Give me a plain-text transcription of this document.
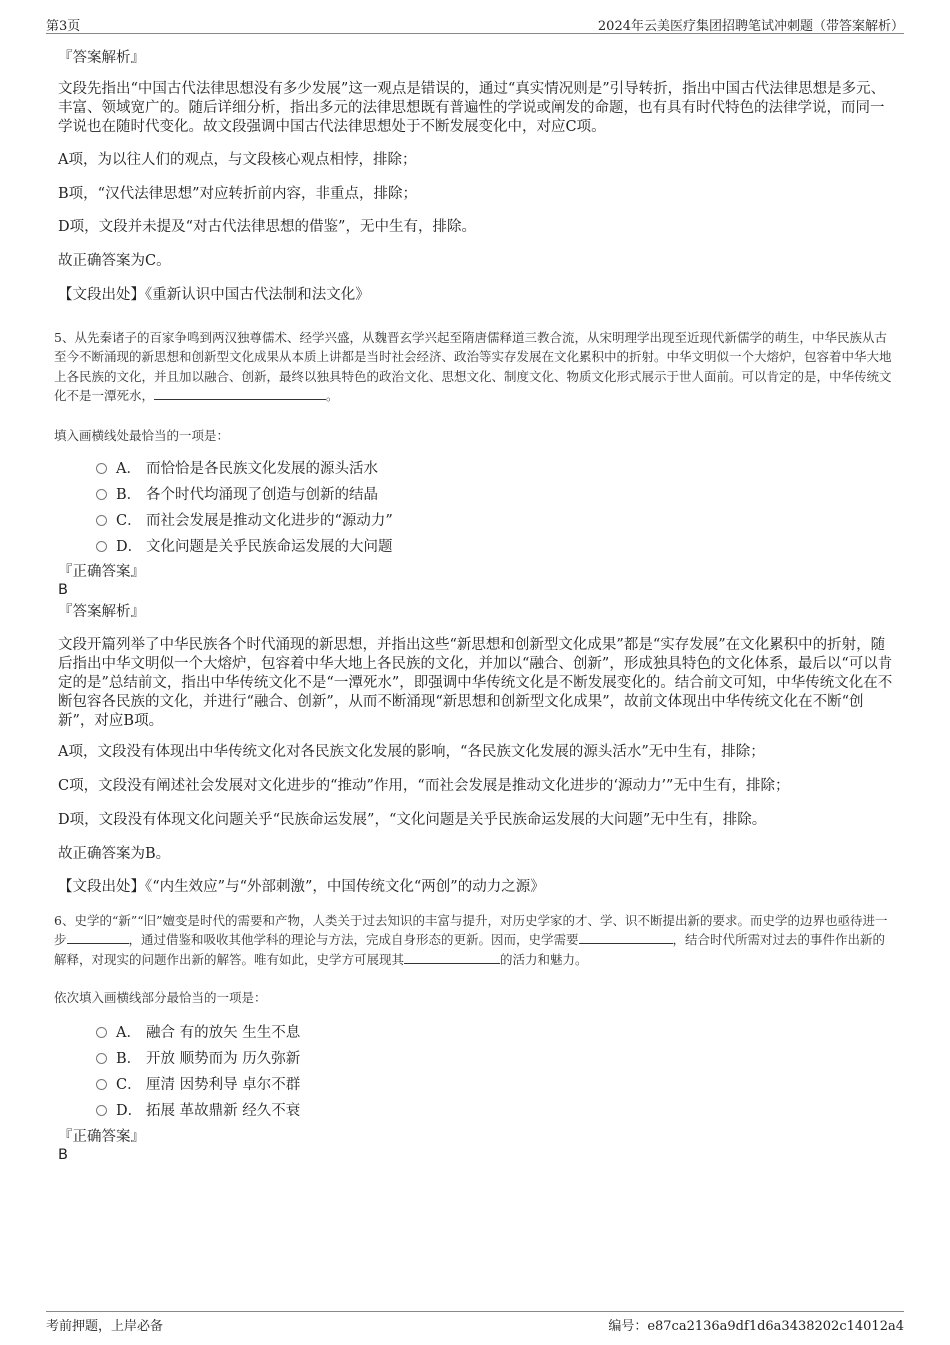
第3页	2024年云美医疗集团招聘笔试冲刺题（带答案解析）
『答案解析』

文段先指出“中国古代法律思想没有多少发展”这一观点是错误的，通过“真实情况则是”引导转折，指出中国古代法律思想是多元、丰富、领域宽广的。随后详细分析，指出多元的法律思想既有普遍性的学说或阐发的命题，也有具有时代特色的法律学说，而同一学说也在随时代变化。故文段强调中国古代法律思想处于不断发展变化中，对应C项。

A项，为以往人们的观点，与文段核心观点相悖，排除；
B项，“汉代法律思想”对应转折前内容，非重点，排除；
D项，文段并未提及“对古代法律思想的借鉴”，无中生有，排除。
故正确答案为C。
【文段出处】《重新认识中国古代法制和法文化》

5、从先秦诸子的百家争鸣到两汉独尊儒术、经学兴盛，从魏晋玄学兴起至隋唐儒释道三教合流，从宋明理学出现至近现代新儒学的萌生，中华民族从古至今不断涌现的新思想和创新型文化成果从本质上讲都是当时社会经济、政治等实存发展在文化累积中的折射。中华文明似一个大熔炉，包容着中华大地上各民族的文化，并且加以融合、创新，最终以独具特色的政治文化、思想文化、制度文化、物质文化形式展示于世人面前。可以肯定的是，中华传统文化不是一潭死水，	。

填入画横线处最恰当的一项是：
A． 而恰恰是各民族文化发展的源头活水
B． 各个时代均涌现了创造与创新的结晶
C． 而社会发展是推动文化进步的“源动力”
D． 文化问题是关乎民族命运发展的大问题
『正确答案』
B
『答案解析』

文段开篇列举了中华民族各个时代涌现的新思想，并指出这些“新思想和创新型文化成果”都是“实存发展”在文化累积中的折射，随后指出中华文明似一个大熔炉，包容着中华大地上各民族的文化，并加以“融合、创新”，形成独具特色的文化体系，最后以“可以肯定的是”总结前文，指出中华传统文化不是“一潭死水”，即强调中华传统文化是不断发展变化的。结合前文可知，中华传统文化在不断包容各民族的文化，并进行“融合、创新”，从而不断涌现“新思想和创新型文化成果”，故前文体现出中华传统文化在不断“创新”，对应B项。

A项，文段没有体现出中华传统文化对各民族文化发展的影响，“各民族文化发展的源头活水”无中生有，排除；
C项，文段没有阐述社会发展对文化进步的“推动”作用，“而社会发展是推动文化进步的‘源动力’”无中生有，排除；
D项，文段没有体现文化问题关乎“民族命运发展”，“文化问题是关乎民族命运发展的大问题”无中生有，排除。
故正确答案为B。
【文段出处】《“内生效应”与“外部刺激”，中国传统文化“两创”的动力之源》

6、史学的“新”“旧”嬗变是时代的需要和产物，人类关于过去知识的丰富与提升，对历史学家的才、学、识不断提出新的要求。而史学的边界也亟待进一步	，通过借鉴和吸收其他学科的理论与方法，完成自身形态的更新。因而，史学需要	，结合时代所需对过去的事件作出新的解释，对现实的问题作出新的解答。唯有如此，史学方可展现其	的活力和魅力。

依次填入画横线部分最恰当的一项是：
A． 融合 有的放矢 生生不息
B． 开放 顺势而为 历久弥新
C． 厘清 因势利导 卓尔不群
D． 拓展 革故鼎新 经久不衰
『正确答案』
B
考前押题，上岸必备	编号：e87ca2136a9df1d6a3438202c14012a4
